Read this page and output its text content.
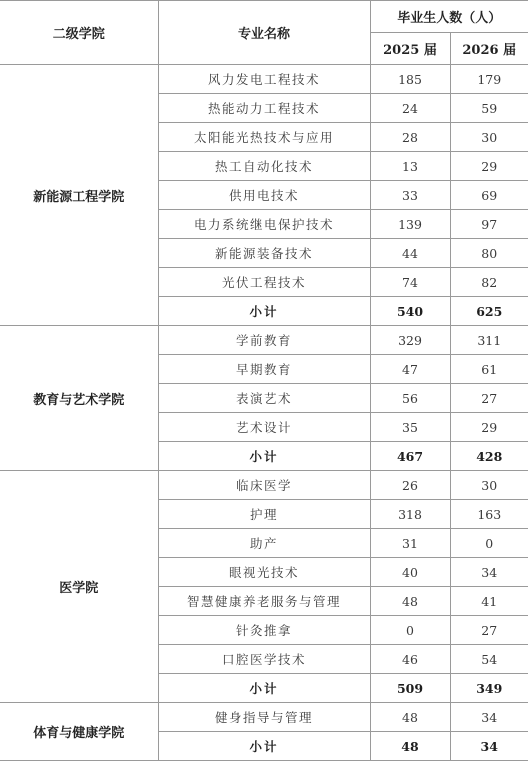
二级学院	专业名称	毕业生人数（人）	
		2025 届	2026 届
新能源工程学院	风力发电工程技术	185	179
	热能动力工程技术	24	59
	太阳能光热技术与应用	28	30
	热工自动化技术	13	29
	供用电技术	33	69
	电力系统继电保护技术	139	97
	新能源装备技术	44	80
	光伏工程技术	74	82
	小计	540	625
教育与艺术学院	学前教育	329	311
	早期教育	47	61
	表演艺术	56	27
	艺术设计	35	29
	小计	467	428
医学院	临床医学	26	30
	护理	318	163
	助产	31	0
	眼视光技术	40	34
	智慧健康养老服务与管理	48	41
	针灸推拿	0	27
	口腔医学技术	46	54
	小计	509	349
体育与健康学院	健身指导与管理	48	34
	小计	48	34
